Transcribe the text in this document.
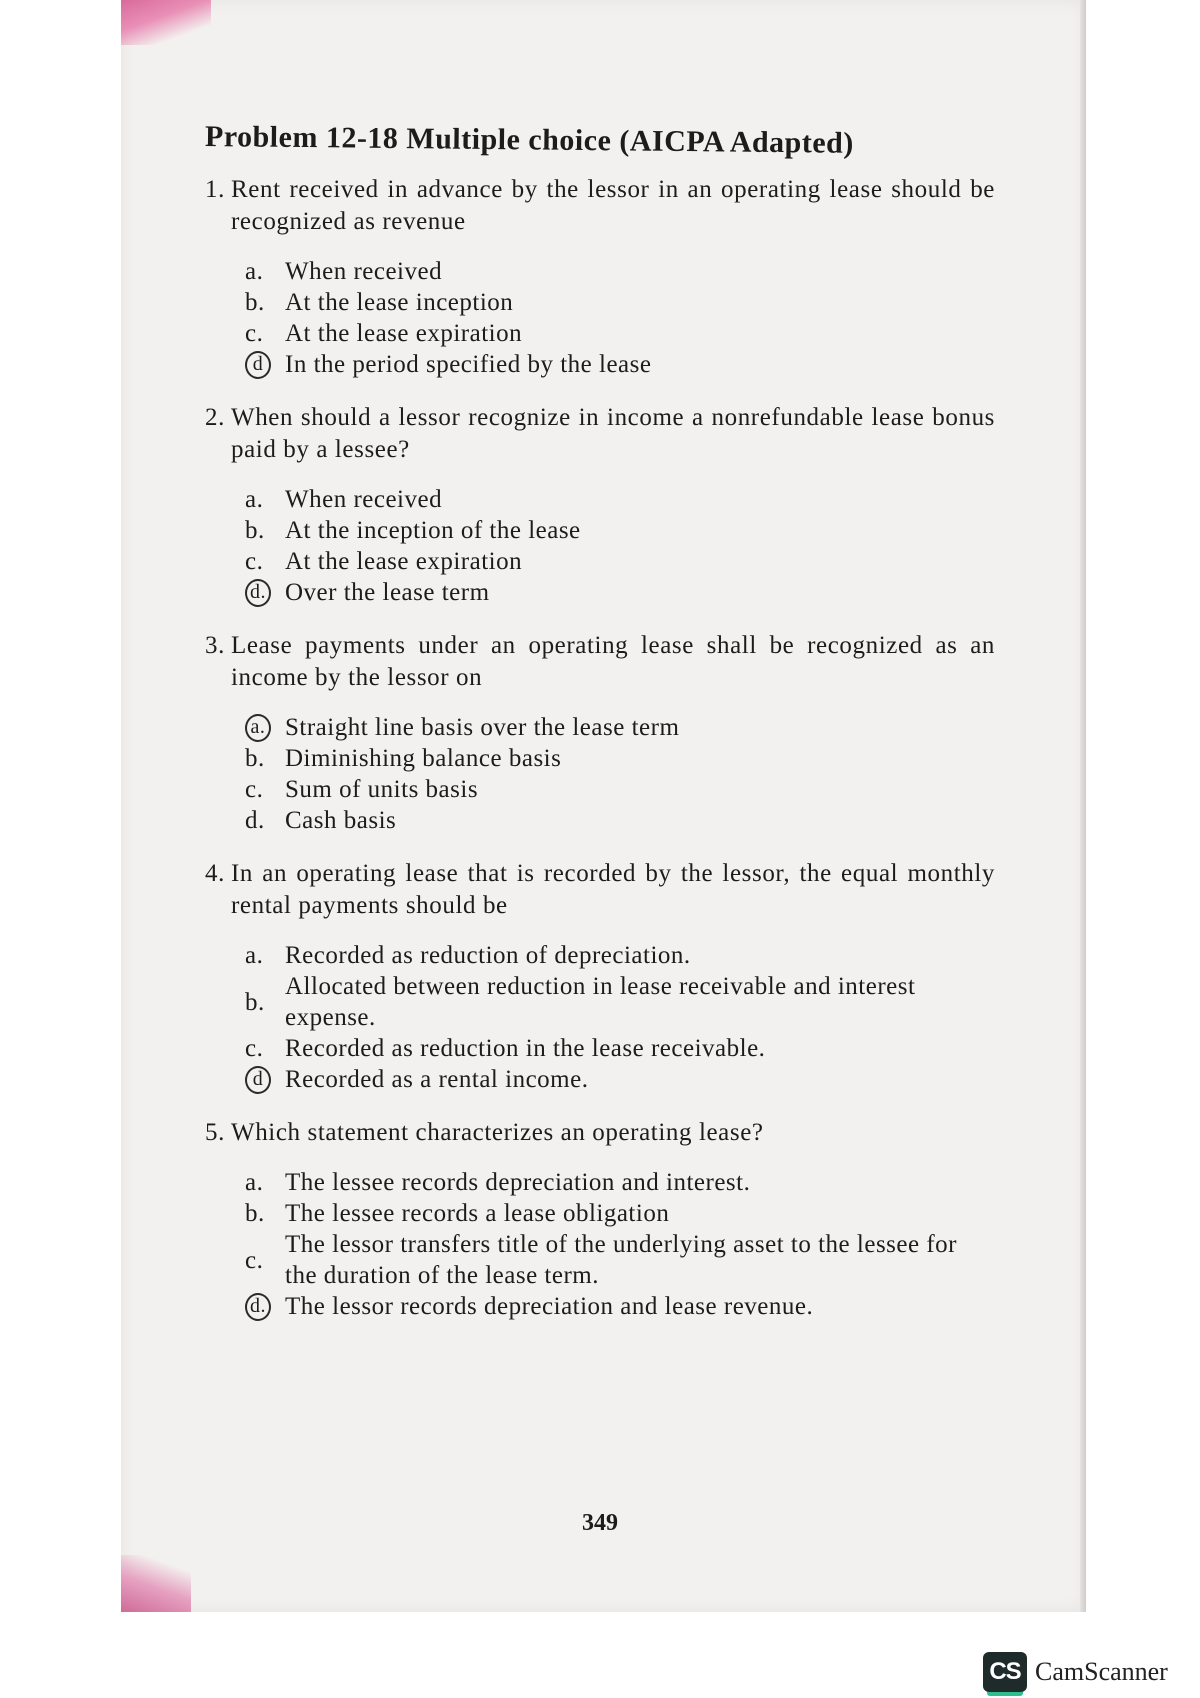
Problem 12-18 Multiple choice (AICPA Adapted)
1. Rent received in advance by the lessor in an operating lease should be recognized as revenue
a. When received
b. At the lease inception
c. At the lease expiration
d In the period specified by the lease
2. When should a lessor recognize in income a nonrefundable lease bonus paid by a lessee?
a. When received
b. At the inception of the lease
c. At the lease expiration
d. Over the lease term
3. Lease payments under an operating lease shall be recognized as an income by the lessor on
a. Straight line basis over the lease term
b. Diminishing balance basis
c. Sum of units basis
d. Cash basis
4. In an operating lease that is recorded by the lessor, the equal monthly rental payments should be
a. Recorded as reduction of depreciation.
b.
Allocated between reduction in lease receivable and interest expense.
c. Recorded as reduction in the lease receivable.
d Recorded as a rental income.
5. Which statement characterizes an operating lease?
a. The lessee records depreciation and interest.
b. The lessee records a lease obligation
c.
The lessor transfers title of the underlying asset to the lessee for the duration of the lease term.
d. The lessor records depreciation and lease revenue.
349
CS CamScanner
